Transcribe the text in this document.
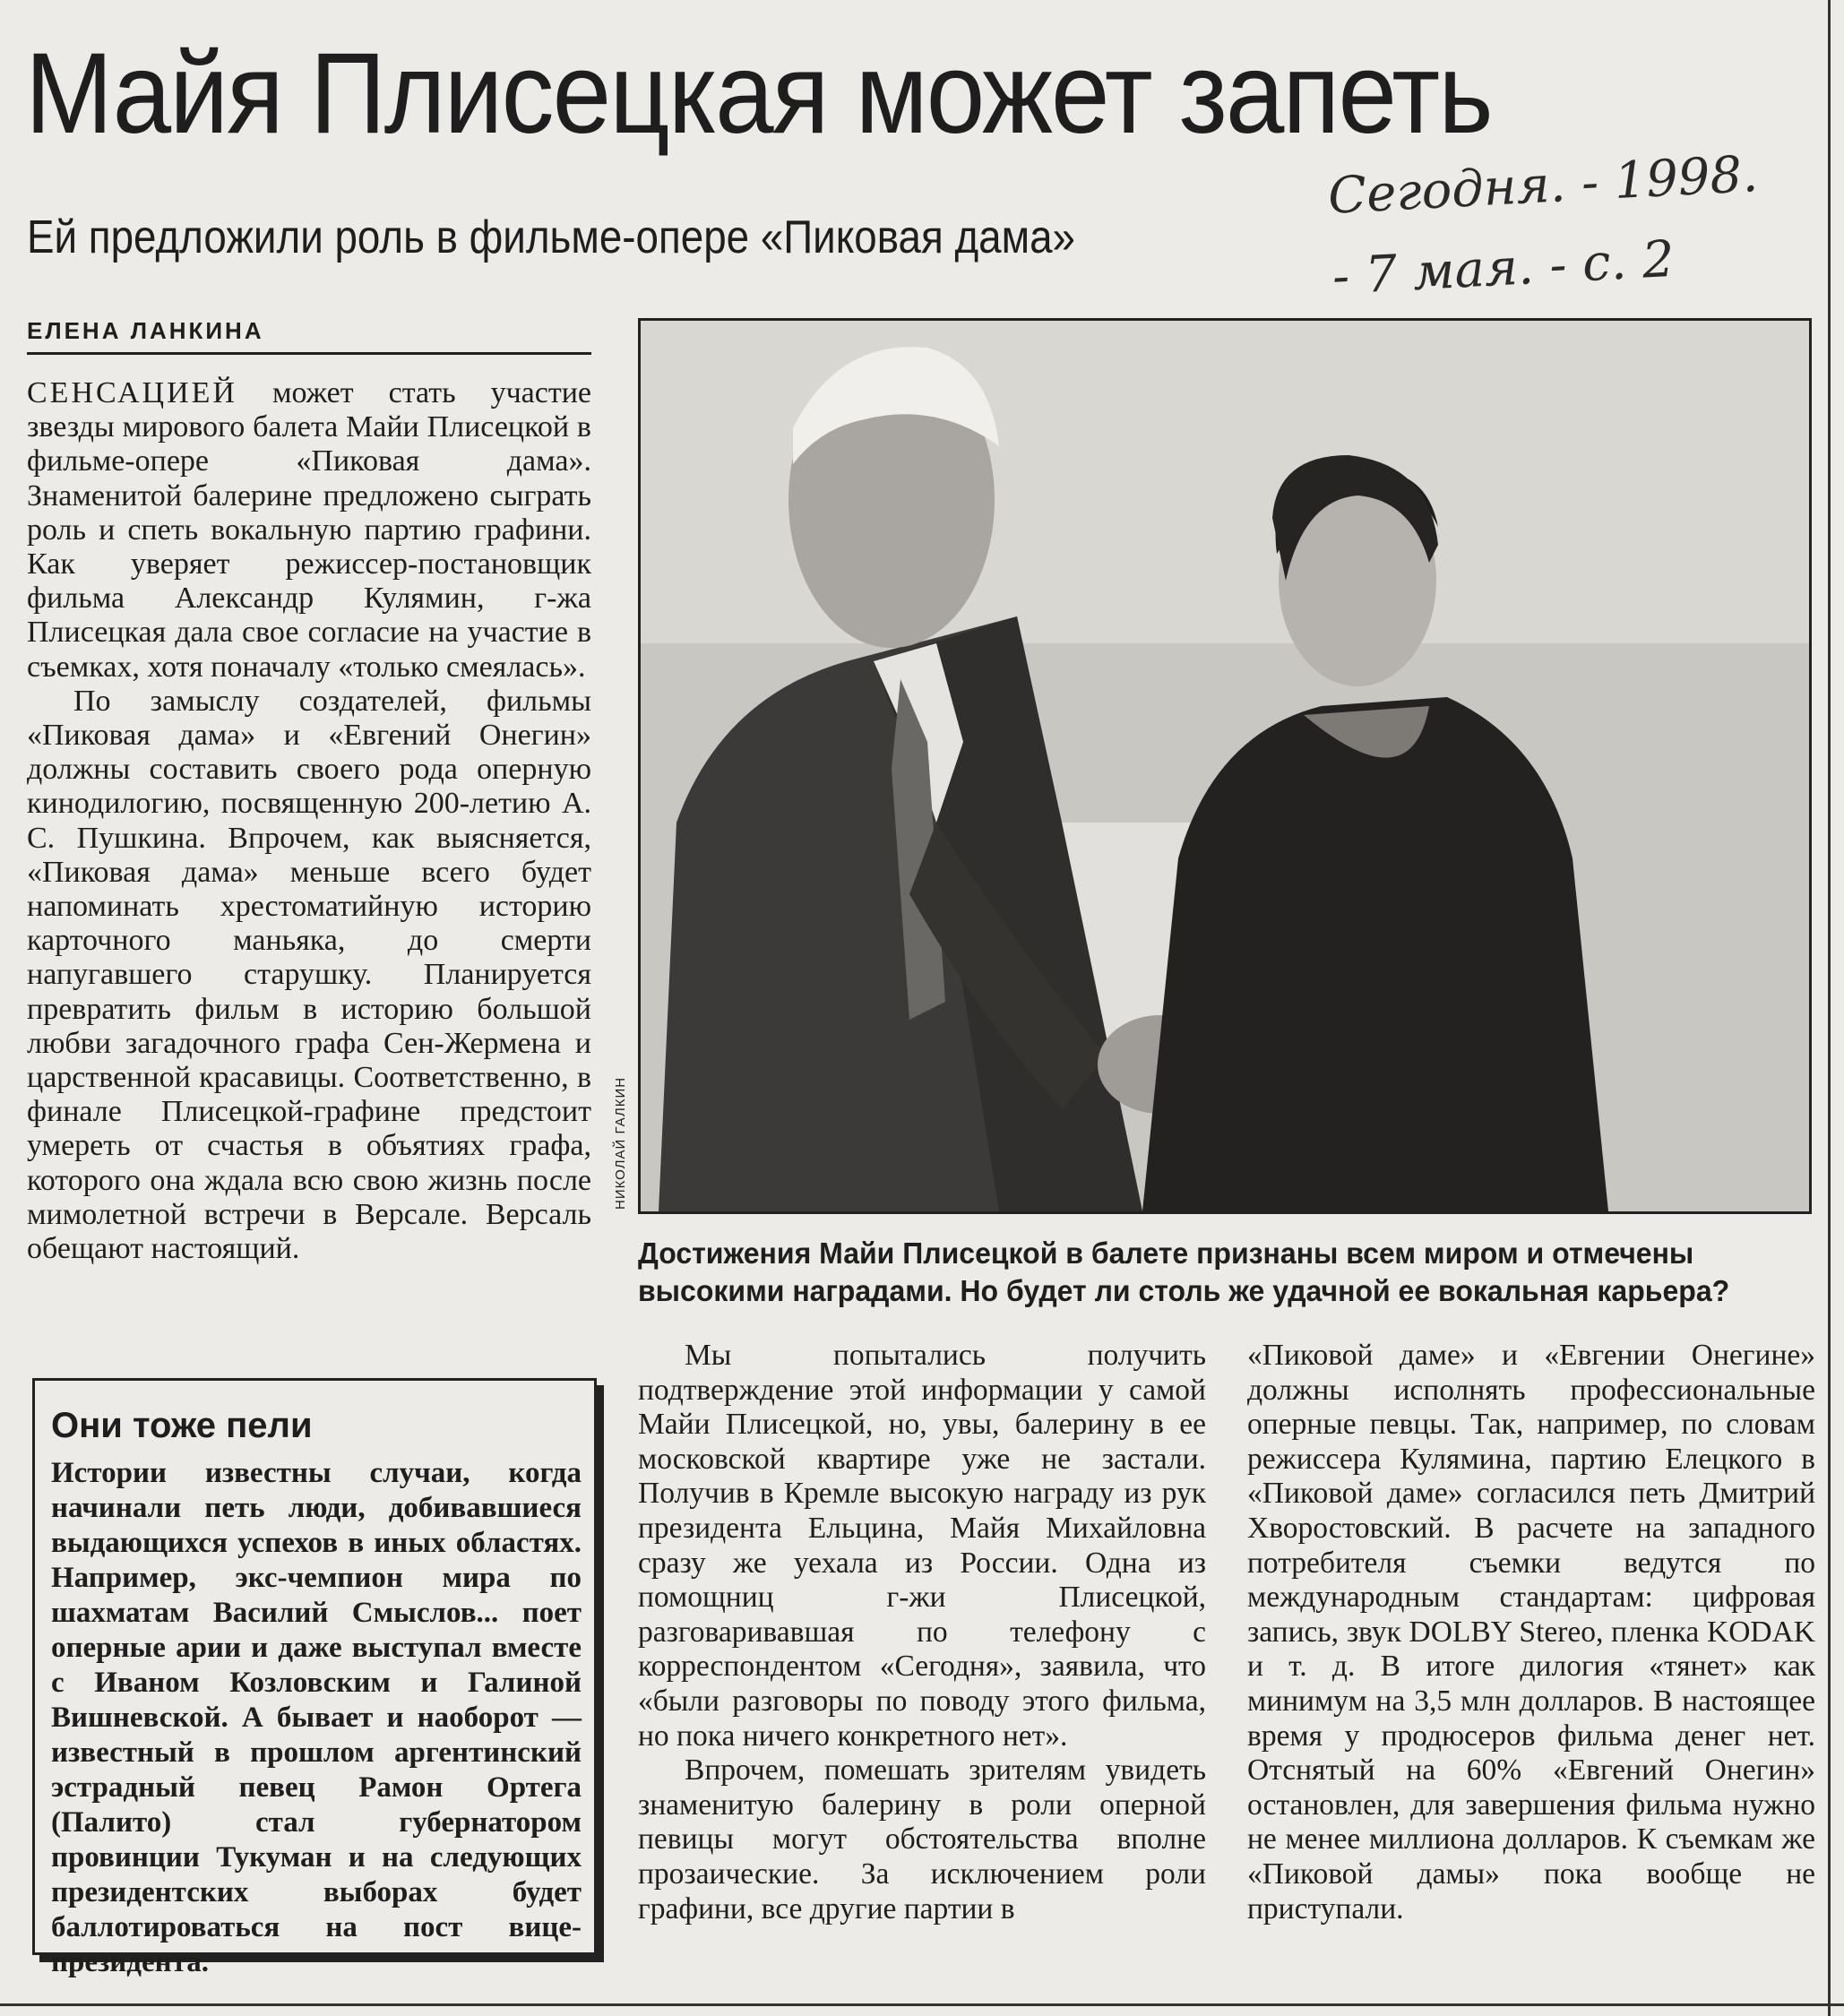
Майя Плисецкая может запеть
Ей предложили роль в фильме-опере «Пиковая дама»
Сегодня. - 1998.
- 7 мая. - с. 2
ЕЛЕНА ЛАНКИНА

СЕНСАЦИЕЙ может стать участие звезды мирового балета Майи Плисецкой в фильме-опере «Пиковая дама». Знаменитой балерине предложено сыграть роль и спеть вокальную партию графини. Как уверяет режиссер-постановщик фильма Александр Кулямин, г-жа Плисецкая дала свое согласие на участие в съемках, хотя поначалу «только смеялась».

По замыслу создателей, фильмы «Пиковая дама» и «Евгений Онегин» должны составить своего рода оперную кинодилогию, посвященную 200-летию А. С. Пушкина. Впрочем, как выясняется, «Пиковая дама» меньше всего будет напоминать хрестоматийную историю карточного маньяка, до смерти напугавшего старушку. Планируется превратить фильм в историю большой любви загадочного графа Сен-Жермена и царственной красавицы. Соответственно, в финале Плисецкой-графине предстоит умереть от счастья в объятиях графа, которого она ждала всю свою жизнь после мимолетной встречи в Версале. Версаль обещают настоящий.

Они тоже пели
Истории известны случаи, когда начинали петь люди, добивавшиеся выдающихся успехов в иных областях. Например, экс-чемпион мира по шахматам Василий Смыслов... поет оперные арии и даже выступал вместе с Иваном Козловским и Галиной Вишневской. А бывает и наоборот — известный в прошлом аргентинский эстрадный певец Рамон Ортега (Палито) стал губернатором провинции Тукуман и на следующих президентских выборах будет баллотироваться на пост вице-президента.
НИКОЛАЙ ГАЛКИН
Достижения Майи Плисецкой в балете признаны всем миром и отмечены высокими наградами. Но будет ли столь же удачной ее вокальная карьера?

Мы попытались получить подтверждение этой информации у самой Майи Плисецкой, но, увы, балерину в ее московской квартире уже не застали. Получив в Кремле высокую награду из рук президента Ельцина, Майя Михайловна сразу же уехала из России. Одна из помощниц г-жи Плисецкой, разговаривавшая по телефону с корреспондентом «Сегодня», заявила, что «были разговоры по поводу этого фильма, но пока ничего конкретного нет».

Впрочем, помешать зрителям увидеть знаменитую балерину в роли оперной певицы могут обстоятельства вполне прозаические. За исключением роли графини, все другие партии в

«Пиковой даме» и «Евгении Онегине» должны исполнять профессиональные оперные певцы. Так, например, по словам режиссера Кулямина, партию Елецкого в «Пиковой даме» согласился петь Дмитрий Хворостовский. В расчете на западного потребителя съемки ведутся по международным стандартам: цифровая запись, звук DOLBY Stereo, пленка KODAK и т. д. В итоге дилогия «тянет» как минимум на 3,5 млн долларов. В настоящее время у продюсеров фильма денег нет. Отснятый на 60% «Евгений Онегин» остановлен, для завершения фильма нужно не менее миллиона долларов. К съемкам же «Пиковой дамы» пока вообще не приступали.
